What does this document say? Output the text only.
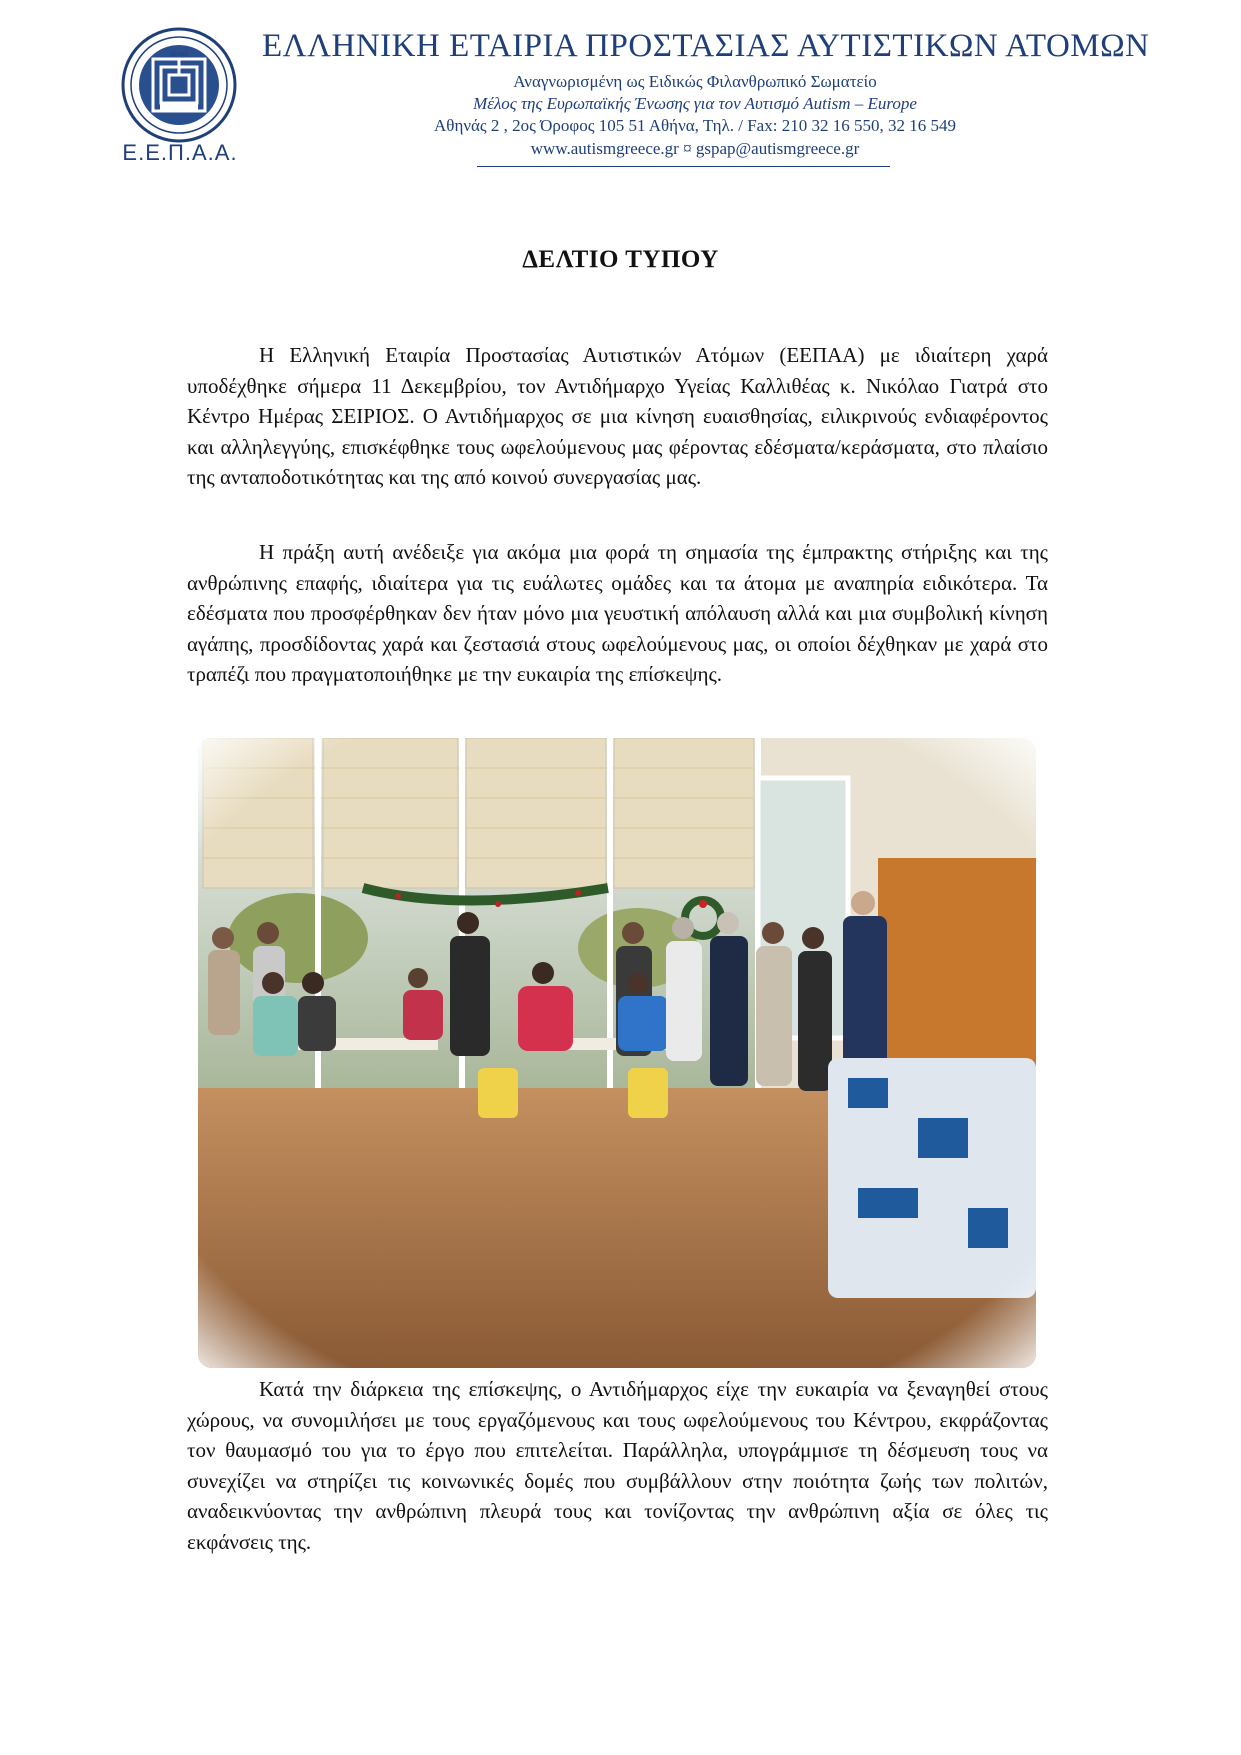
ΕΕΠΑΑ
Ε.Ε.Π.Α.Α.
ΕΛΛΗΝΙΚΗ ΕΤΑΙΡΙΑ ΠΡΟΣΤΑΣΙΑΣ ΑΥΤΙΣΤΙΚΩΝ ΑΤΟΜΩΝ
Αναγνωρισμένη ως Ειδικώς Φιλανθρωπικό Σωματείο
Μέλος της Ευρωπαϊκής Ένωσης για τον Αυτισμό Autism – Europe
Αθηνάς 2 , 2ος Όροφος 105 51 Αθήνα, Τηλ. / Fax: 210 32 16 550, 32 16 549
www.autismgreece.gr ¤ gspap@autismgreece.gr
ΔΕΛΤΙΟ ΤΥΠΟΥ

Η Ελληνική Εταιρία Προστασίας Αυτιστικών Ατόμων (ΕΕΠΑΑ) με ιδιαίτερη χαρά υποδέχθηκε σήμερα 11 Δεκεμβρίου, τον Αντιδήμαρχο Υγείας Καλλιθέας κ. Νικόλαο Γιατρά στο Κέντρο Ημέρας ΣΕΙΡΙΟΣ. Ο Αντιδήμαρχος σε μια κίνηση ευαισθησίας, ειλικρινούς ενδιαφέροντος και αλληλεγγύης, επισκέφθηκε τους ωφελούμενους μας φέροντας εδέσματα/κεράσματα, στο πλαίσιο της ανταποδοτικότητας και της από κοινού συνεργασίας μας.

Η πράξη αυτή ανέδειξε για ακόμα μια φορά τη σημασία της έμπρακτης στήριξης και της ανθρώπινης επαφής, ιδιαίτερα για τις ευάλωτες ομάδες και τα άτομα με αναπηρία ειδικότερα. Τα εδέσματα που προσφέρθηκαν δεν ήταν μόνο μια γευστική απόλαυση αλλά και μια συμβολική κίνηση αγάπης, προσδίδοντας χαρά και ζεστασιά στους ωφελούμενους μας, οι οποίοι δέχθηκαν με χαρά στο τραπέζι που πραγματοποιήθηκε με την ευκαιρία της επίσκεψης.

Κατά την διάρκεια της επίσκεψης, ο Αντιδήμαρχος είχε την ευκαιρία να ξεναγηθεί στους χώρους, να συνομιλήσει με τους εργαζόμενους και τους ωφελούμενους του Κέντρου, εκφράζοντας τον θαυμασμό του για το έργο που επιτελείται. Παράλληλα, υπογράμμισε τη δέσμευση τους να συνεχίζει να στηρίζει τις κοινωνικές δομές που συμβάλλουν στην ποιότητα ζωής των πολιτών, αναδεικνύοντας την ανθρώπινη πλευρά τους και τονίζοντας την ανθρώπινη αξία σε όλες τις εκφάνσεις της.
